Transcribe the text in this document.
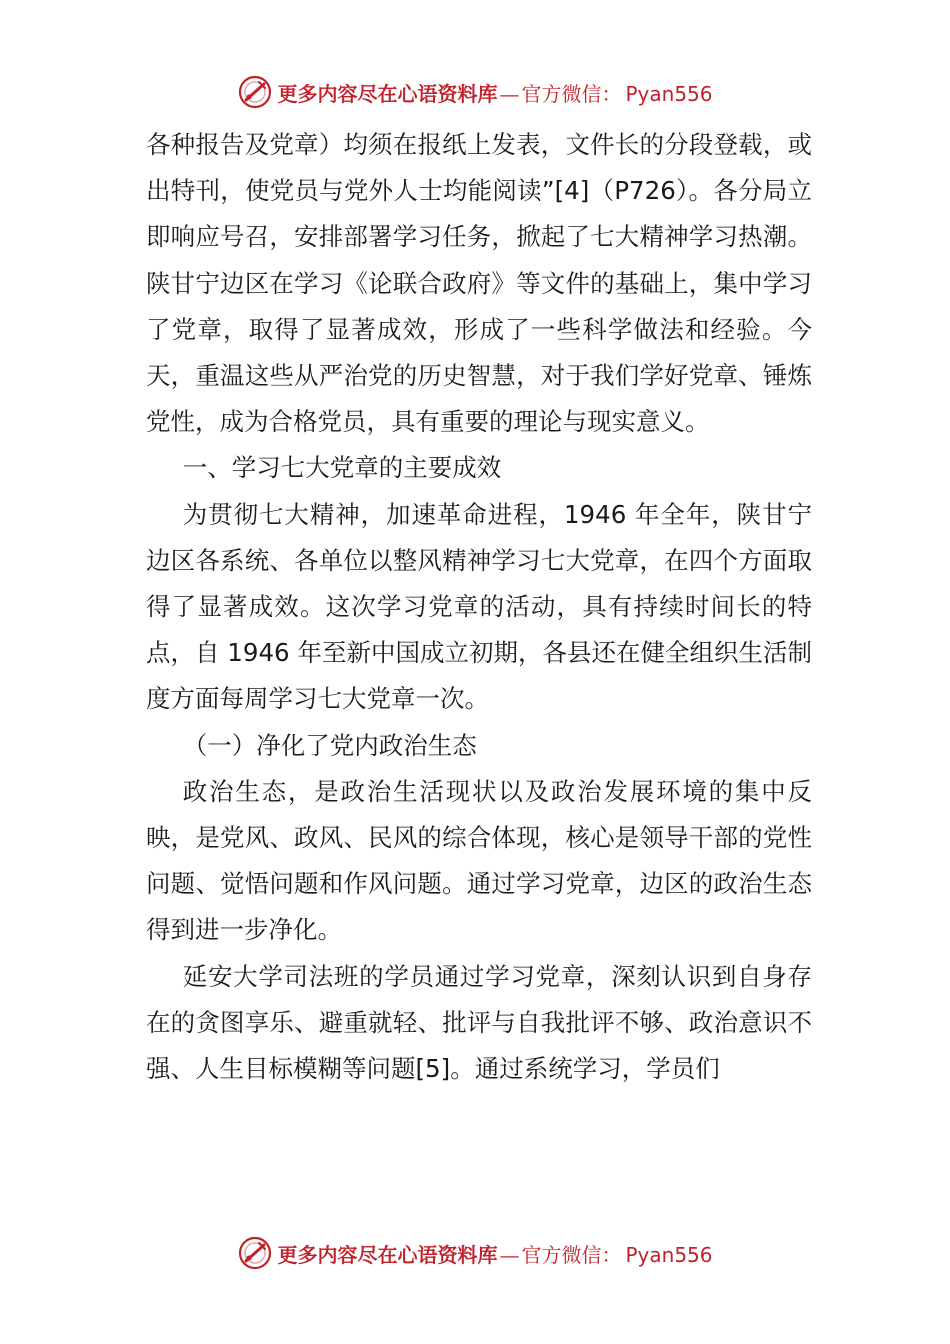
更多内容尽在心语资料库 — 官方微信： Pyan556

各种报告及党章）均须在报纸上发表，文件长的分段登载，或出特刊，使党员与党外人士均能阅读”[4]（P726）。各分局立即响应号召，安排部署学习任务，掀起了七大精神学习热潮。陕甘宁边区在学习《论联合政府》等文件的基础上，集中学习了党章，取得了显著成效，形成了一些科学做法和经验。今天，重温这些从严治党的历史智慧，对于我们学好党章、锤炼党性，成为合格党员，具有重要的理论与现实意义。

一、学习七大党章的主要成效

为贯彻七大精神，加速革命进程，1946 年全年，陕甘宁边区各系统、各单位以整风精神学习七大党章，在四个方面取得了显著成效。这次学习党章的活动，具有持续时间长的特点，自 1946 年至新中国成立初期，各县还在健全组织生活制度方面每周学习七大党章一次。

（一）净化了党内政治生态

政治生态，是政治生活现状以及政治发展环境的集中反映，是党风、政风、民风的综合体现，核心是领导干部的党性问题、觉悟问题和作风问题。通过学习党章，边区的政治生态得到进一步净化。

延安大学司法班的学员通过学习党章，深刻认识到自身存在的贪图享乐、避重就轻、批评与自我批评不够、政治意识不强、人生目标模糊等问题[5]。通过系统学习，学员们

更多内容尽在心语资料库 — 官方微信： Pyan556
